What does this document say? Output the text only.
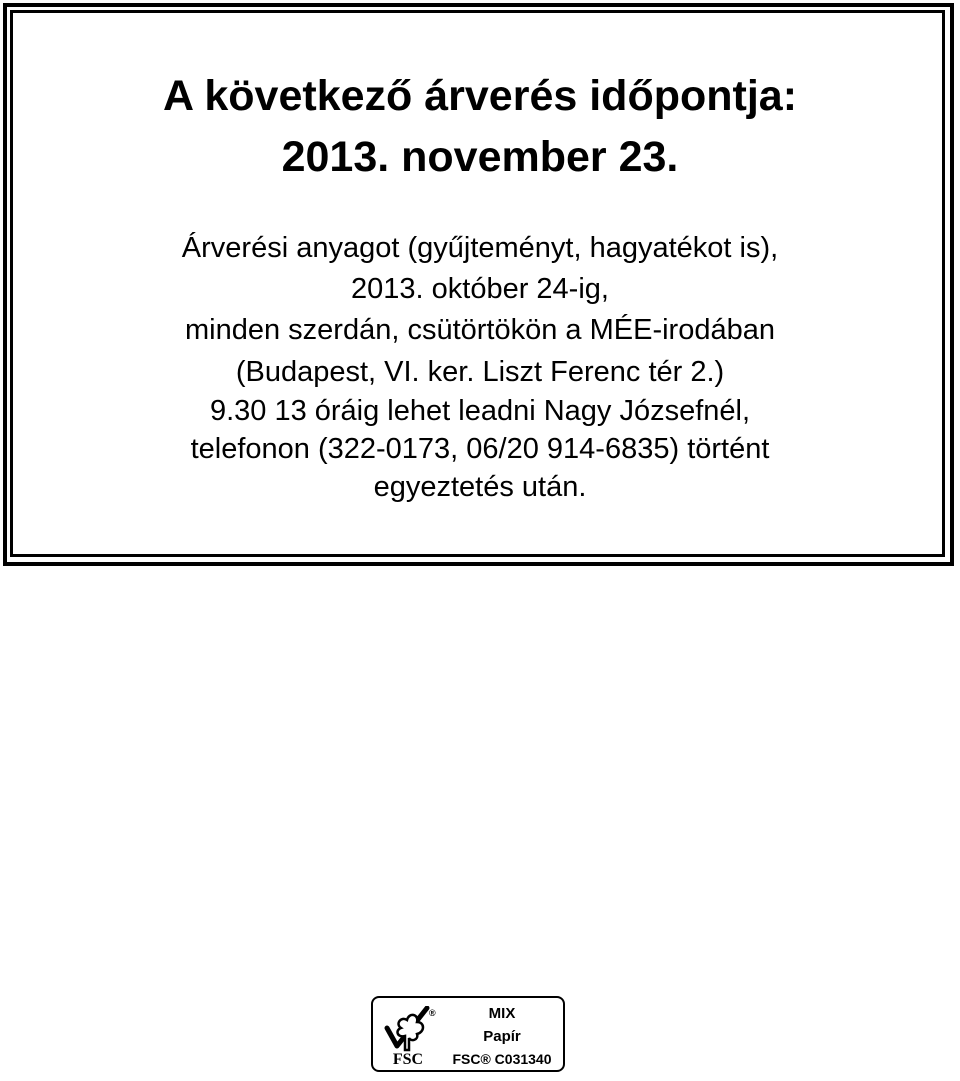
A következő árverés időpontja:
2013. november 23.

Árverési anyagot (gyűjteményt, hagyatékot is),

2013. október 24-ig,

minden szerdán, csütörtökön a MÉE-irodában

(Budapest, VI. ker. Liszt Ferenc tér 2.)

9.30 13 óráig lehet leadni Nagy Józsefnél,

telefonon (322-0173, 06/20 914-6835) történt

egyeztetés után.

®
FSC
MIX
Papír
FSC® C031340
